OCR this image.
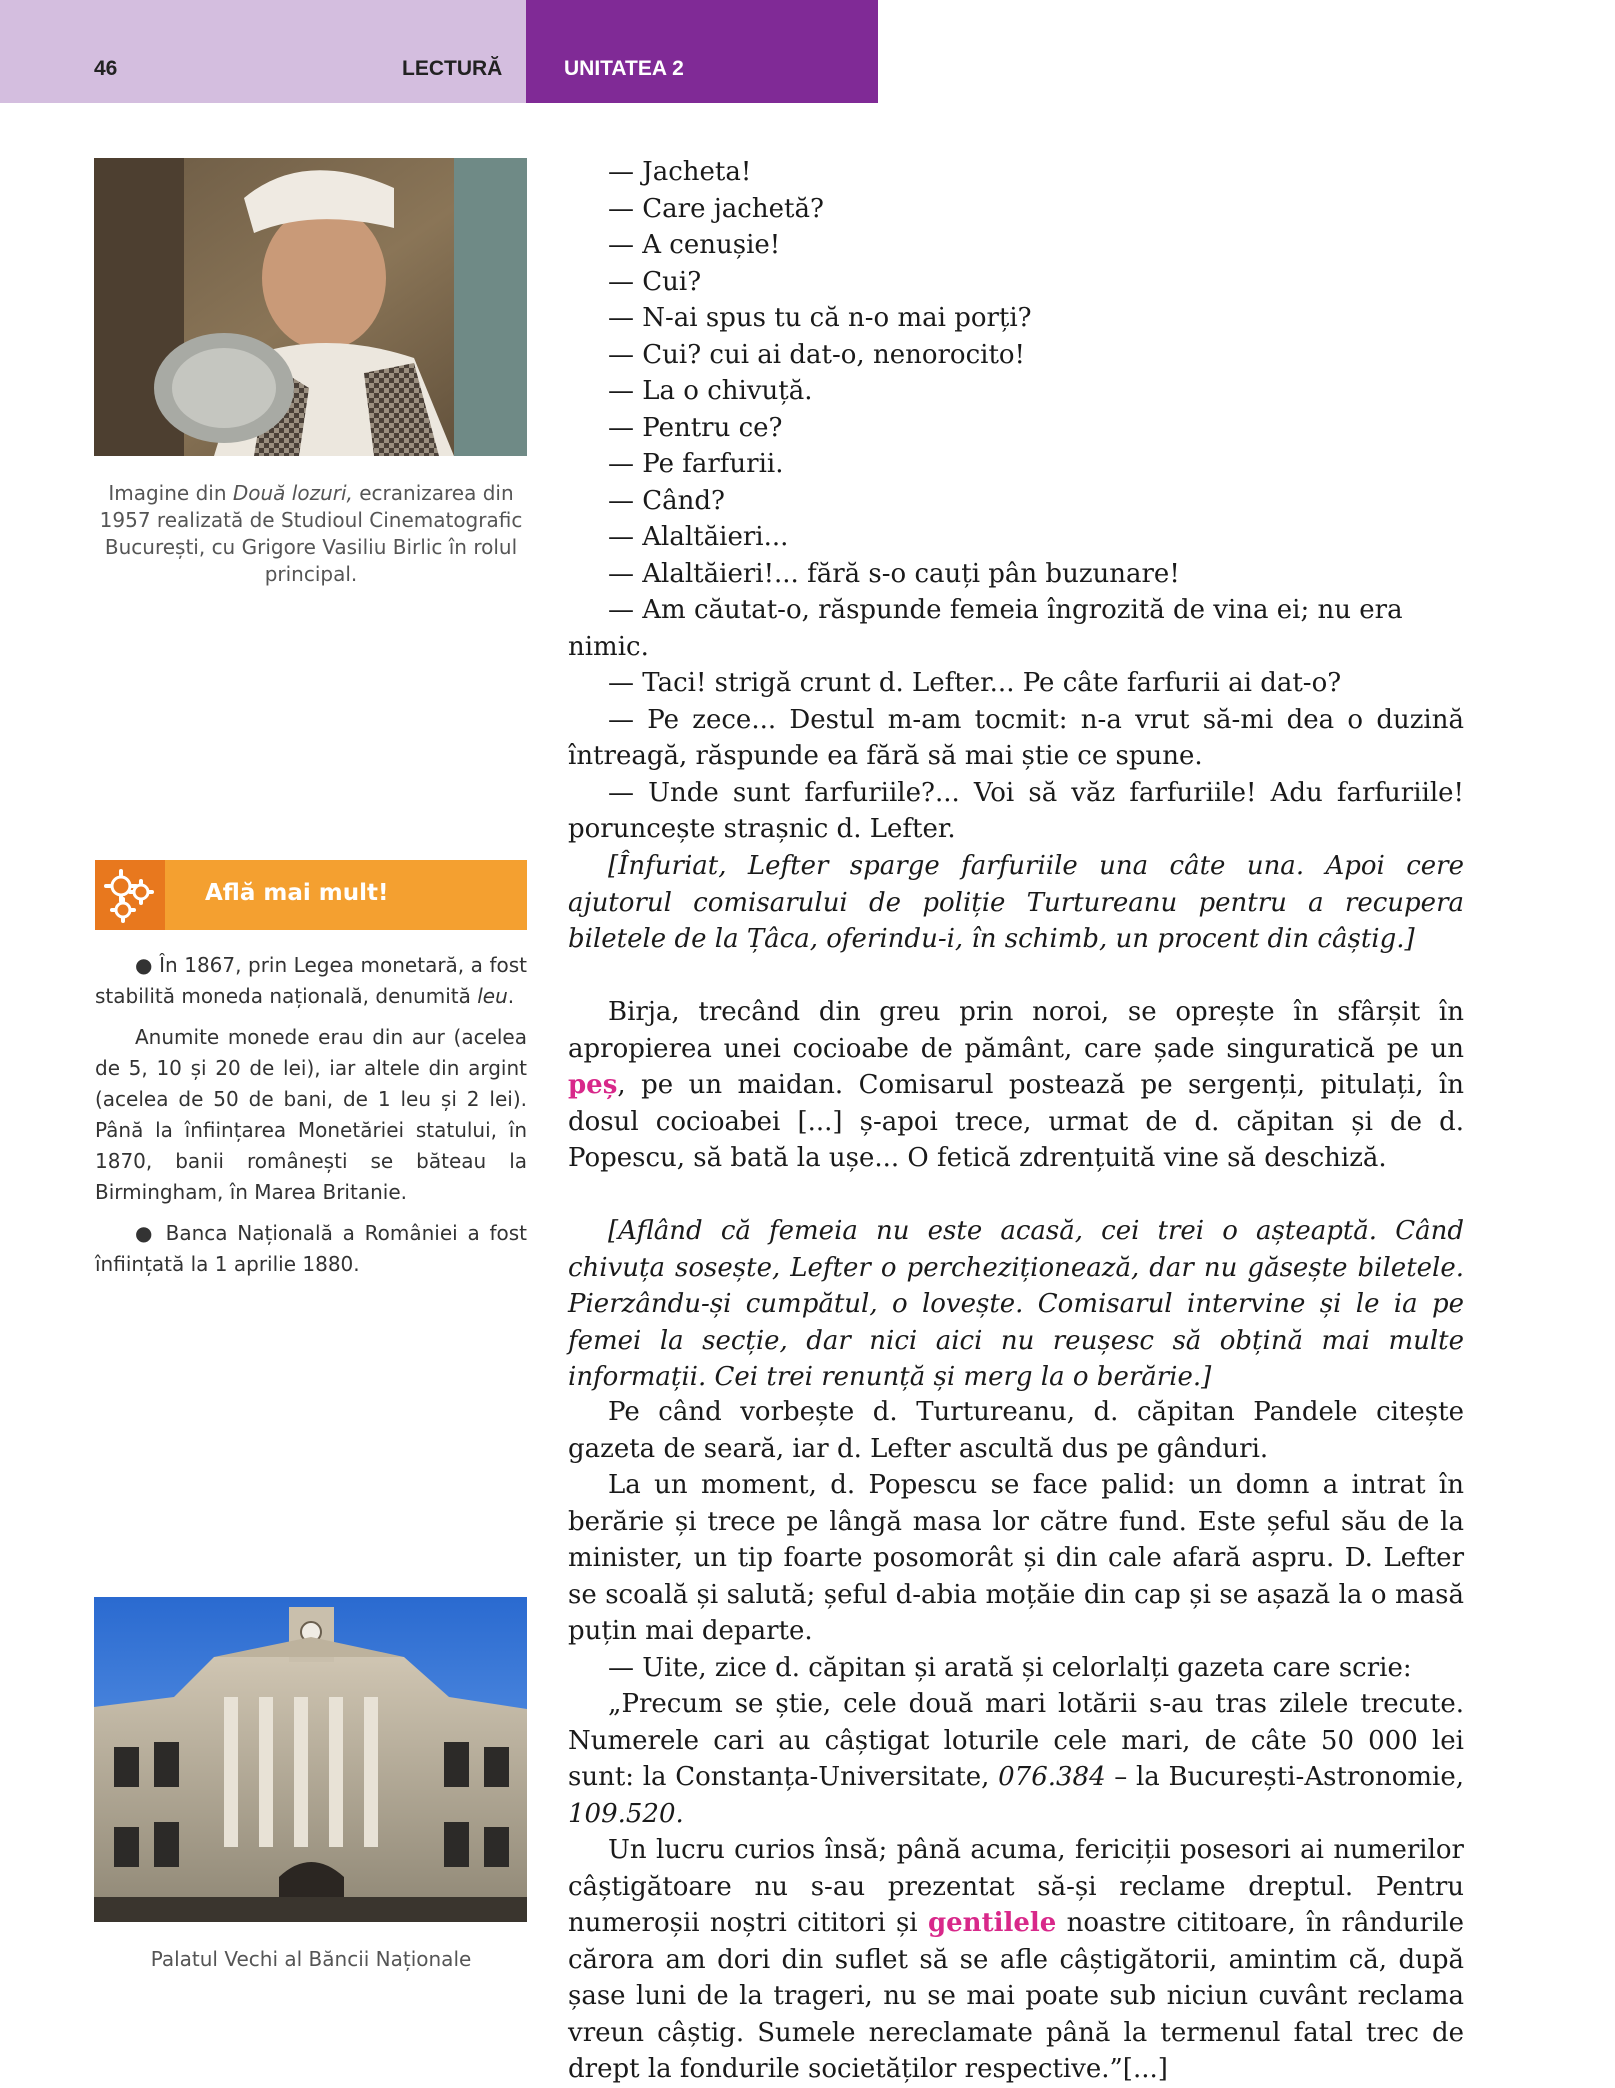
46	LECTURĂ	UNITATEA 2
Imagine din Două lozuri, ecranizarea din 1957 realizată de Studioul Cinematografic București, cu Grigore Vasiliu Birlic în rolul principal.
Află mai mult!

● În 1867, prin Legea monetară, a fost stabilită moneda națională, denumită leu.

Anumite monede erau din aur (acelea de 5, 10 și 20 de lei), iar altele din argint (acelea de 50 de bani, de 1 leu și 2 lei). Până la înființarea Monetăriei statului, în 1870, banii românești se băteau la Birmingham, în Marea Britanie.

● Banca Națională a României a fost înființată la 1 aprilie 1880.

Palatul Vechi al Băncii Naționale

— Jacheta!

— Care jachetă?

— A cenușie!

— Cui?

— N-ai spus tu că n-o mai porți?

— Cui? cui ai dat-o, nenorocito!

— La o chivuță.

— Pentru ce?

— Pe farfurii.

— Când?

— Alaltăieri...

— Alaltăieri!... fără s-o cauți pân buzunare!

— Am căutat-o, răspunde femeia îngrozită de vina ei; nu era nimic.

— Taci! strigă crunt d. Lefter... Pe câte farfurii ai dat-o?

— Pe zece... Destul m-am tocmit: n-a vrut să-mi dea o duzină întreagă, răspunde ea fără să mai știe ce spune.

— Unde sunt farfuriile?... Voi să văz farfuriile! Adu farfuriile! poruncește strașnic d. Lefter.

[Înfuriat, Lefter sparge farfuriile una câte una. Apoi cere ajutorul comisarului de poliție Turtureanu pentru a recupera biletele de la Țâca, oferindu-i, în schimb, un procent din câștig.]

Birja, trecând din greu prin noroi, se oprește în sfârșit în apropierea unei cocioabe de pământ, care șade singuratică pe un peș, pe un maidan. Comisarul postează pe sergenți, pitulați, în dosul cocioabei [...] ș-apoi trece, urmat de d. căpitan și de d. Popescu, să bată la ușe... O fetică zdrențuită vine să deschiză.

[Aflând că femeia nu este acasă, cei trei o așteaptă. Când chivuța sosește, Lefter o percheziționează, dar nu găsește biletele. Pierzându-și cumpătul, o lovește. Comisarul intervine și le ia pe femei la secție, dar nici aici nu reușesc să obțină mai multe informații. Cei trei renunță și merg la o berărie.]

Pe când vorbește d. Turtureanu, d. căpitan Pandele citește gazeta de seară, iar d. Lefter ascultă dus pe gânduri.

La un moment, d. Popescu se face palid: un domn a intrat în berărie și trece pe lângă masa lor către fund. Este șeful său de la minister, un tip foarte posomorât și din cale afară aspru. D. Lefter se scoală și salută; șeful d-abia moțăie din cap și se așază la o masă puțin mai departe.

— Uite, zice d. căpitan și arată și celorlalți gazeta care scrie:

„Precum se știe, cele două mari lotării s-au tras zilele trecute. Numerele cari au câștigat loturile cele mari, de câte 50 000 lei sunt: la Constanța-Universitate, 076.384 – la București-Astronomie, 109.520.

Un lucru curios însă; până acuma, fericiții posesori ai numerilor câștigătoare nu s-au prezentat să-și reclame dreptul. Pentru numeroșii noștri cititori și gentilele noastre cititoare, în rândurile cărora am dori din suflet să se afle câștigătorii, amintim că, după șase luni de la trageri, nu se mai poate sub niciun cuvânt reclama vreun câștig. Sumele nereclamate până la termenul fatal trec de drept la fondurile societăților respective.”[...]
